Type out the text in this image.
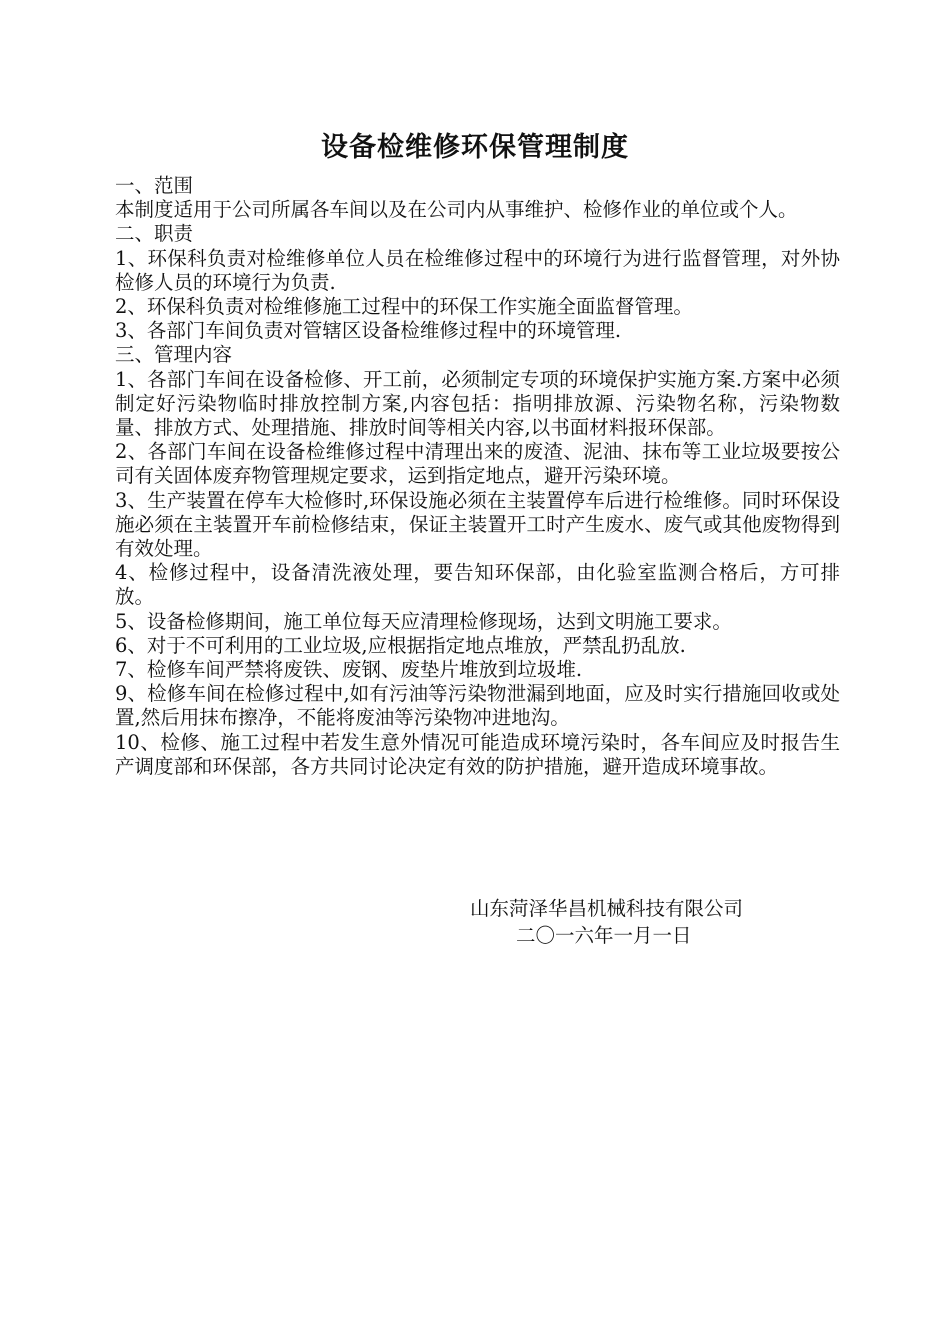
设备检维修环保管理制度

一、范围

本制度适用于公司所属各车间以及在公司内从事维护、检修作业的单位或个人。

二、职责

1、环保科负责对检维修单位人员在检维修过程中的环境行为进行监督管理，对外协检修人员的环境行为负责.

2、环保科负责对检维修施工过程中的环保工作实施全面监督管理。

3、各部门车间负责对管辖区设备检维修过程中的环境管理.

三、管理内容

1、各部门车间在设备检修、开工前，必须制定专项的环境保护实施方案.方案中必须制定好污染物临时排放控制方案,内容包括：指明排放源、污染物名称，污染物数量、排放方式、处理措施、排放时间等相关内容,以书面材料报环保部。

2、各部门车间在设备检维修过程中清理出来的废渣、泥油、抹布等工业垃圾要按公司有关固体废弃物管理规定要求，运到指定地点，避开污染环境。

3、生产装置在停车大检修时,环保设施必须在主装置停车后进行检维修。同时环保设施必须在主装置开车前检修结束，保证主装置开工时产生废水、废气或其他废物得到有效处理。

4、检修过程中，设备清洗液处理，要告知环保部，由化验室监测合格后，方可排放。

5、设备检修期间，施工单位每天应清理检修现场，达到文明施工要求。

6、对于不可利用的工业垃圾,应根据指定地点堆放，严禁乱扔乱放.

7、检修车间严禁将废铁、废钢、废垫片堆放到垃圾堆.

9、检修车间在检修过程中,如有污油等污染物泄漏到地面，应及时实行措施回收或处置,然后用抹布擦净，不能将废油等污染物冲进地沟。

10、检修、施工过程中若发生意外情况可能造成环境污染时，各车间应及时报告生产调度部和环保部，各方共同讨论决定有效的防护措施，避开造成环境事故。

山东菏泽华昌机械科技有限公司
二〇一六年一月一日
